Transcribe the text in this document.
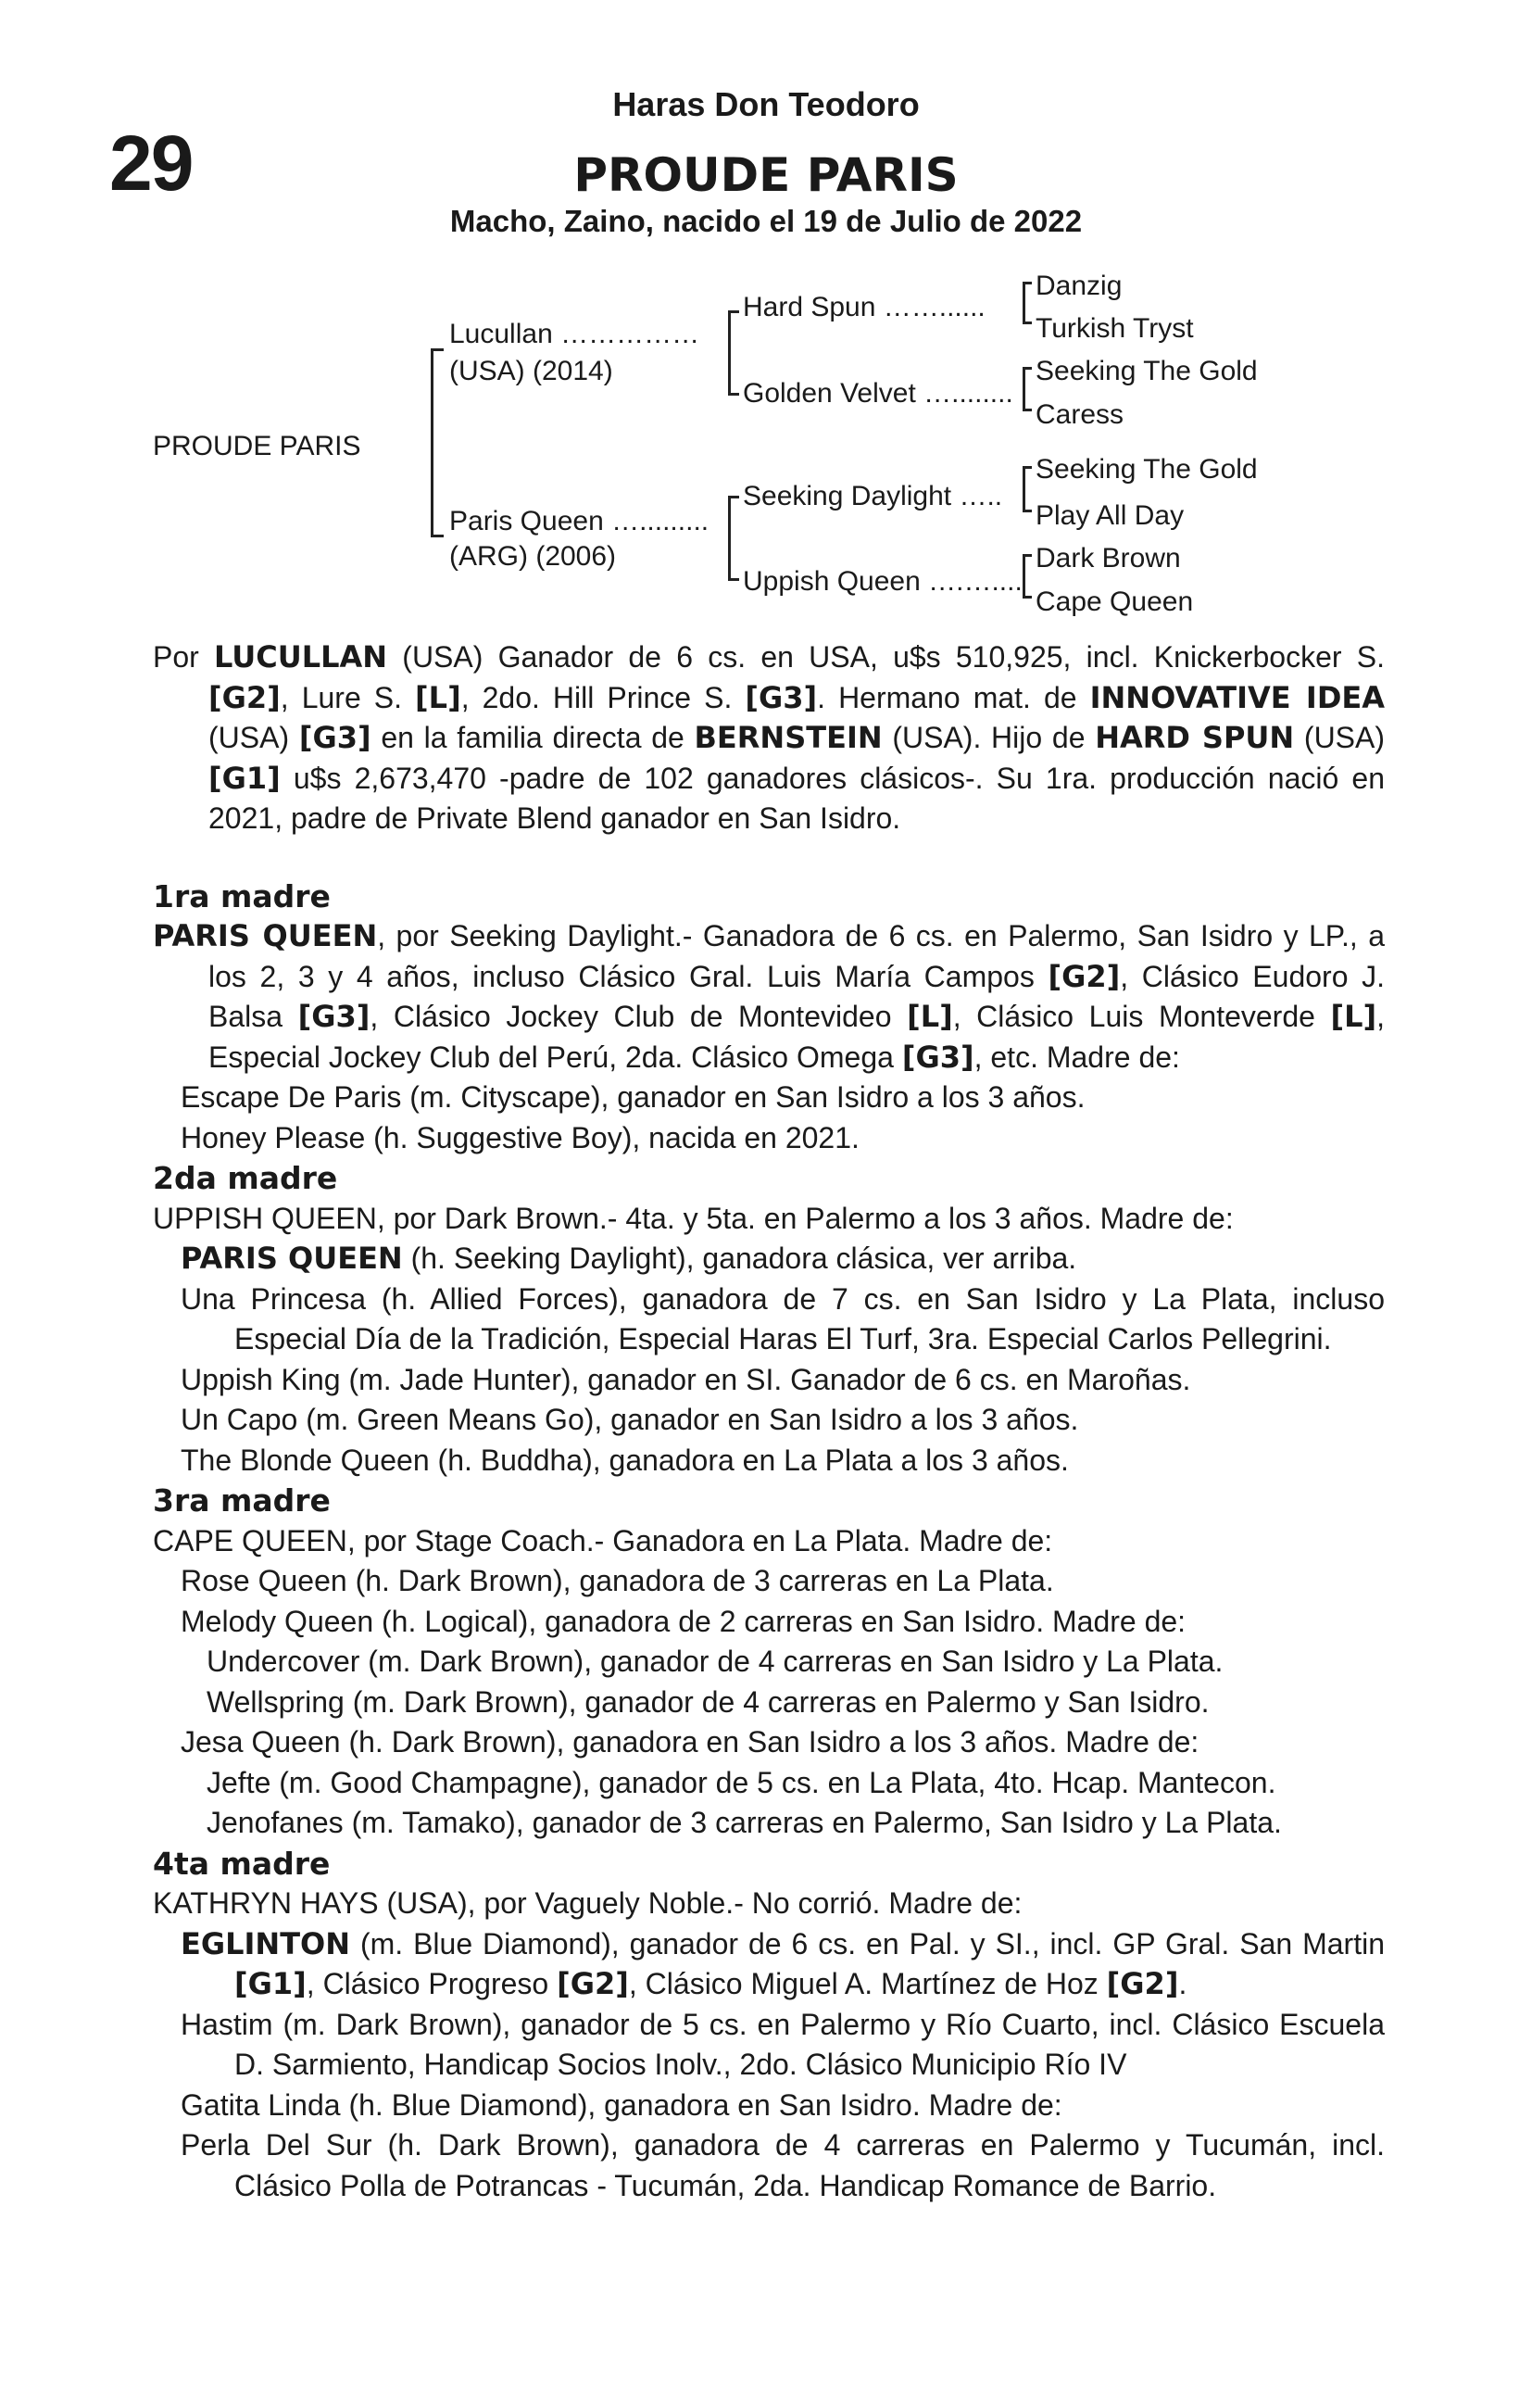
29
Haras Don Teodoro
PROUDE PARIS
Macho, Zaino, nacido el 19 de Julio de 2022
PROUDE PARIS
Lucullan ……………
(USA) (2014)
Paris Queen ….........
(ARG) (2006)
Hard Spun ……......
Golden Velvet …........
Seeking Daylight …..
Uppish Queen ….…....
Danzig
Turkish Tryst
Seeking The Gold
Caress
Seeking The Gold
Play All Day
Dark Brown
Cape Queen

Por LUCULLAN (USA) Ganador de 6 cs. en USA, u$s 510,925, incl. Knickerbocker S. [G2], Lure S. [L], 2do. Hill Prince S. [G3]. Hermano mat. de INNOVATIVE IDEA (USA) [G3] en la familia directa de BERNSTEIN (USA). Hijo de HARD SPUN (USA) [G1] u$s 2,673,470 -padre de 102 ganadores clásicos-. Su 1ra. producción nació en 2021, padre de Private Blend ganador en San Isidro.

1ra madre

PARIS QUEEN, por Seeking Daylight.- Ganadora de 6 cs. en Palermo, San Isidro y LP., a los 2, 3 y 4 años, incluso Clásico Gral. Luis María Campos [G2], Clásico Eudoro J. Balsa [G3], Clásico Jockey Club de Montevideo [L], Clásico Luis Monteverde [L], Especial Jockey Club del Perú, 2da. Clásico Omega [G3], etc. Madre de:

Escape De Paris (m. Cityscape), ganador en San Isidro a los 3 años.

Honey Please (h. Suggestive Boy), nacida en 2021.

2da madre

UPPISH QUEEN, por Dark Brown.- 4ta. y 5ta. en Palermo a los 3 años. Madre de:

PARIS QUEEN (h. Seeking Daylight), ganadora clásica, ver arriba.

Una Princesa (h. Allied Forces), ganadora de 7 cs. en San Isidro y La Plata, incluso Especial Día de la Tradición, Especial Haras El Turf, 3ra. Especial Carlos Pellegrini.

Uppish King (m. Jade Hunter), ganador en SI. Ganador de 6 cs. en Maroñas.

Un Capo (m. Green Means Go), ganador en San Isidro a los 3 años.

The Blonde Queen (h. Buddha), ganadora en La Plata a los 3 años.

3ra madre

CAPE QUEEN, por Stage Coach.- Ganadora en La Plata. Madre de:

Rose Queen (h. Dark Brown), ganadora de 3 carreras en La Plata.

Melody Queen (h. Logical), ganadora de 2 carreras en San Isidro. Madre de:

Undercover (m. Dark Brown), ganador de 4 carreras en San Isidro y La Plata.

Wellspring (m. Dark Brown), ganador de 4 carreras en Palermo y San Isidro.

Jesa Queen (h. Dark Brown), ganadora en San Isidro a los 3 años. Madre de:

Jefte (m. Good Champagne), ganador de 5 cs. en La Plata, 4to. Hcap. Mantecon.

Jenofanes (m. Tamako), ganador de 3 carreras en Palermo, San Isidro y La Plata.

4ta madre

KATHRYN HAYS (USA), por Vaguely Noble.- No corrió. Madre de:

EGLINTON (m. Blue Diamond), ganador de 6 cs. en Pal. y SI., incl. GP Gral. San Martin [G1], Clásico Progreso [G2], Clásico Miguel A. Martínez de Hoz [G2].

Hastim (m. Dark Brown), ganador de 5 cs. en Palermo y Río Cuarto, incl. Clásico Escuela D. Sarmiento, Handicap Socios Inolv., 2do. Clásico Municipio Río IV

Gatita Linda (h. Blue Diamond), ganadora en San Isidro. Madre de:

Perla Del Sur (h. Dark Brown), ganadora de 4 carreras en Palermo y Tucumán, incl. Clásico Polla de Potrancas - Tucumán, 2da. Handicap Romance de Barrio.
